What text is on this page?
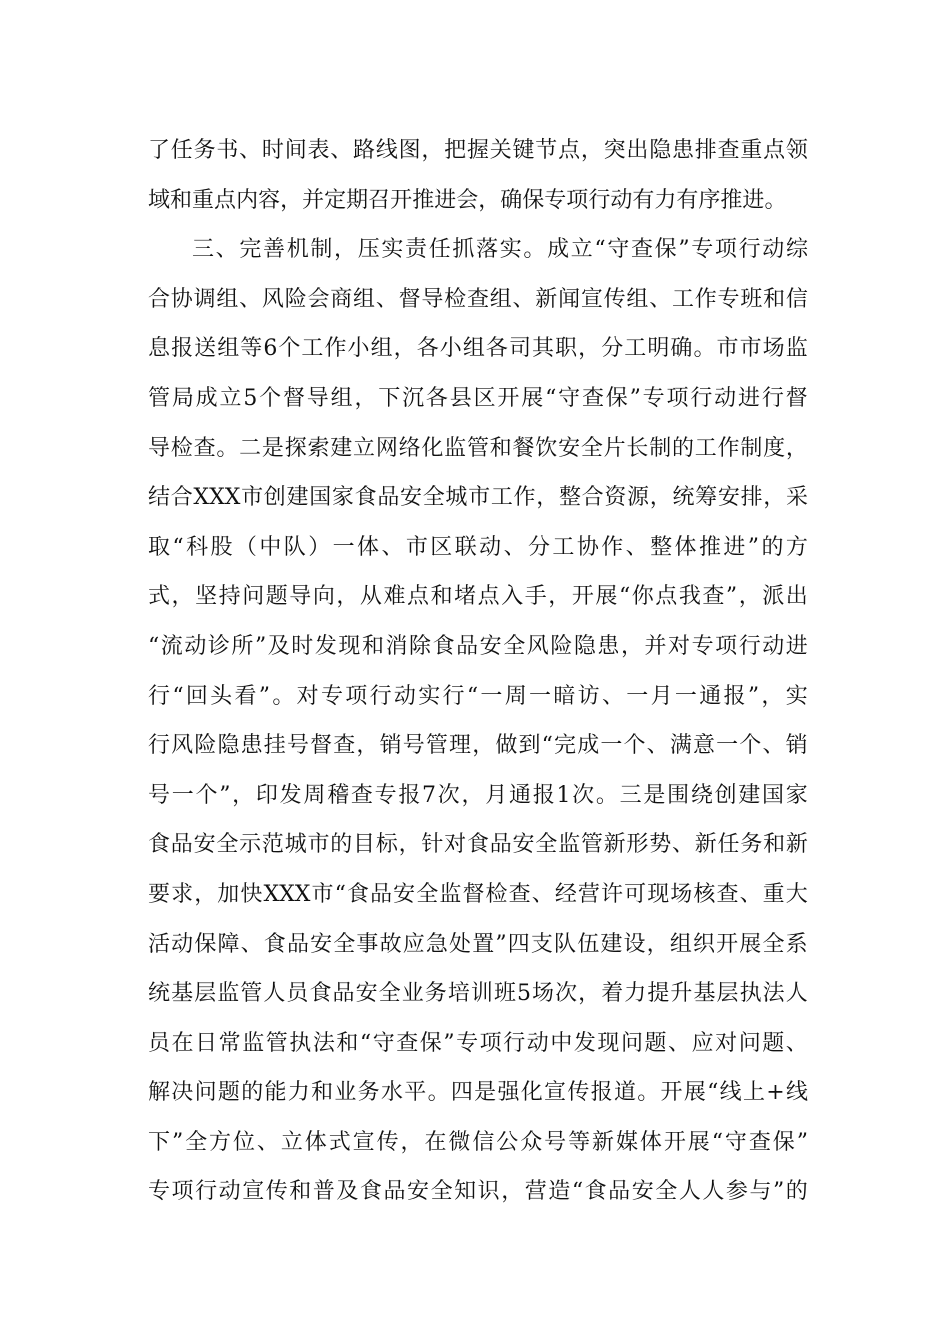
了 任 务 书 、 时 间 表 、 路 线 图 ， 把 握 关 键 节 点 ， 突 出 隐 患 排 查 重 点 领
域 和 重 点 内 容 ， 并 定 期 召 开 推 进 会 ， 确 保 专 项 行 动 有 力 有 序 推 进 。
三 、 完 善 机 制 ， 压 实 责 任 抓 落 实 。 成 立 “ 守 查 保 ” 专 项 行 动 综
合 协 调 组 、 风 险 会 商 组 、 督 导 检 查 组 、 新 闻 宣 传 组 、 工 作 专 班 和 信
息 报 送 组 等 6 个 工 作 小 组 ， 各 小 组 各 司 其 职 ， 分 工 明 确 。 市 市 场 监
管 局 成 立 5 个 督 导 组 ， 下 沉 各 县 区 开 展 “ 守 查 保 ” 专 项 行 动 进 行 督
导 检 查 。 二 是 探 索 建 立 网 络 化 监 管 和 餐 饮 安 全 片 长 制 的 工 作 制 度 ，
结 合 XXX 市 创 建 国 家 食 品 安 全 城 市 工 作 ， 整 合 资 源 ， 统 筹 安 排 ， 采
取 “ 科 股 （ 中 队 ） 一 体 、 市 区 联 动 、 分 工 协 作 、 整 体 推 进 ” 的 方
式 ， 坚 持 问 题 导 向 ， 从 难 点 和 堵 点 入 手 ， 开 展 “ 你 点 我 查 ” ， 派 出
“ 流 动 诊 所 ” 及 时 发 现 和 消 除 食 品 安 全 风 险 隐 患 ， 并 对 专 项 行 动 进
行 “ 回 头 看 ” 。 对 专 项 行 动 实 行 “ 一 周 一 暗 访 、 一 月 一 通 报 ” ， 实
行 风 险 隐 患 挂 号 督 查 ， 销 号 管 理 ， 做 到 “ 完 成 一 个 、 满 意 一 个 、 销
号 一 个 ” ， 印 发 周 稽 查 专 报 7 次 ， 月 通 报 1 次 。 三 是 围 绕 创 建 国 家
食 品 安 全 示 范 城 市 的 目 标 ， 针 对 食 品 安 全 监 管 新 形 势 、 新 任 务 和 新
要 求 ， 加 快 XXX 市 “ 食 品 安 全 监 督 检 查 、 经 营 许 可 现 场 核 查 、 重 大
活 动 保 障 、 食 品 安 全 事 故 应 急 处 置 ” 四 支 队 伍 建 设 ， 组 织 开 展 全 系
统 基 层 监 管 人 员 食 品 安 全 业 务 培 训 班 5 场 次 ， 着 力 提 升 基 层 执 法 人
员 在 日 常 监 管 执 法 和 “ 守 查 保 ” 专 项 行 动 中 发 现 问 题 、 应 对 问 题 、
解 决 问 题 的 能 力 和 业 务 水 平 。 四 是 强 化 宣 传 报 道 。 开 展 “ 线 上 + 线
下 ” 全 方 位 、 立 体 式 宣 传 ， 在 微 信 公 众 号 等 新 媒 体 开 展 “ 守 查 保 ”
专 项 行 动 宣 传 和 普 及 食 品 安 全 知 识 ， 营 造 “ 食 品 安 全 人 人 参 与 ” 的
